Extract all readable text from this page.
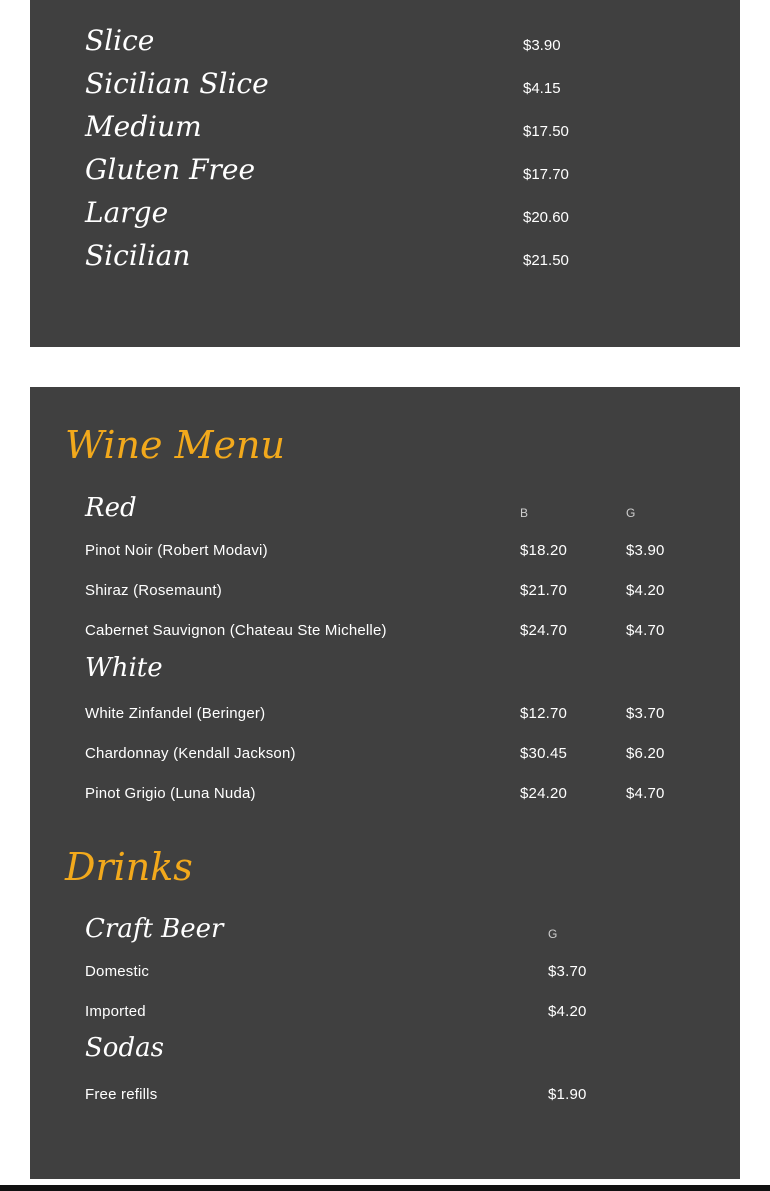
Slice	$3.90
Sicilian Slice	$4.15
Medium	$17.50
Gluten Free	$17.70
Large	$20.60
Sicilian	$21.50
Wine Menu
Red	B	G
Pinot Noir (Robert Modavi)	$18.20	$3.90
Shiraz (Rosemaunt)	$21.70	$4.20
Cabernet Sauvignon (Chateau Ste Michelle)	$24.70	$4.70
White
White Zinfandel (Beringer)	$12.70	$3.70
Chardonnay (Kendall Jackson)	$30.45	$6.20
Pinot Grigio (Luna Nuda)	$24.20	$4.70
Drinks
Craft Beer	G
Domestic	$3.70
Imported	$4.20
Sodas
Free refills	$1.90
